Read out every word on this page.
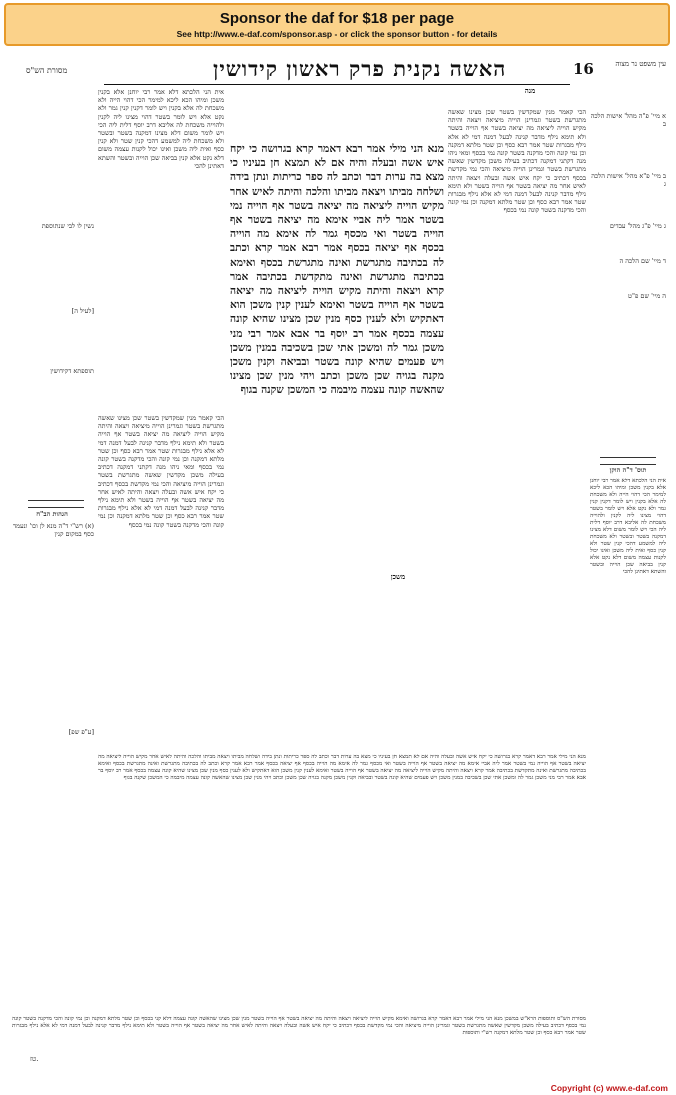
Sponsor the daf for $18 per page
See http://www.e-daf.com/sponsor.asp - or click the sponsor button - for details
מסורת הש"ס	האשה נקנית פרק ראשון קידושין	16	עין משפט נר מצוה
נשין לו לבי שנתוספת
[לעיל ה]
תוספתא דקידושין
הגהות הב"ח
(א) רש"י ד"ה מנא לן וכו' ונעמד כסף במקום קנין
[ע"פ שפ]
אית הני הלכתא דלא אמר רבי יוחנן אלא בקנין משכן ומיהו הכא ליכא למימר הכי דהוי הייה ולא משכחת לה אלא בקנין ויש לומר דקנין קנין גמר ולא נקט אלא ויש לומר בשטר דהוי מצינו ליה לקנין ולהוייה משכחת לה אליבא דרב יוסף דלית ליה הכי ויש לומר משום דלא מצינו דמקנה בשטר ובשטר ולא משכחת ליה למשמע דהכי קנין שטר ולא קנין כסף ואית ליה משכן ואינו יכול לקנות עצמה משום דלא נקט אלא קנין בביאה שכן הוייה ובשטר והשתא דאתינן להכי
מנא הני מילי אמר רבא דאמר קרא בגרושה כי יקח איש אשה ובעלה והיה אם לא תמצא חן בעיניו כי מצא בה ערות דבר וכתב לה ספר כריתות ונתן בידה ושלחה מביתו ויצאה מביתו והלכה והיתה לאיש אחר מקיש הוייה ליציאה מה יציאה בשטר אף הוייה נמי בשטר אמר ליה אביי אימא מה יציאה בשטר אף הוייה בשטר ואי מכסף גמר לה אימא מה הוייה בכסף אף יציאה בכסף אמר רבא אמר קרא וכתב לה בכתיבה מתגרשת ואינה מתגרשת בכסף ואימא בכתיבה מתגרשת ואינה מתקדשת בכתיבה אמר קרא ויצאה והיתה מקיש הוייה ליציאה מה יציאה בשטר אף הוייה בשטר ואימא לענין קנין משכן הוא דאתקיש ולא לענין כסף מנין שכן מצינו שהיא קונה עצמה בכסף אמר רב יוסף בר אבא אמר רבי מני משכן גמר לה ומשכן אתי שכן בשכיבה במנין משכן ויש פעמים שהיא קונה בשטר ובביאה וקנין משכן מקנה בגויה שכן משכן וכתב ויהי מנין שכן מצינו שהאשה קונה עצמה מיבמה כי המשכן שקנה בגוף
משכן
הכי קאמר מנין שמקדשין בשטר שכן מצינו שאשה מתגרשת בשטר וגמרינן הוייה מיציאה ויצאה והיתה מקיש הוייה ליציאה מה יציאה בשטר אף הוייה בשטר ולא תימא נילף מדבר קנינה לבעל דמנה דמי לא אלא נילף מבגרות שטר אמר רבא כסף וכן שטר מלתא דמקנה וכן נמי קונה והכי מדקנה בשטר קונה נמי בכסף ומאי ניהו מנה דקתני דמקנה דכתיב בעילה משכן מקדשין שאשה מתגרשת בשטר וגמרינן הוייה מיציאה והכי נמי מקדשת בכסף דכתיב כי יקח איש אשה ובעלה ויצאה והיתה לאיש אחר מה יציאה בשטר אף הוייה בשטר ולא תימא נילף מדבר קנינה לבעל דמנה דמי לא אלא נילף מבגרות שטר אמר רבא כסף וכן שטר מלתא דמקנה וכן נמי קונה והכי מדקנה בשטר קונה נמי בכסף
מנה
הכי קאמר מנין שמקדשין בשטר שכן מצינו שאשה מתגרשת בשטר וגמרינן הוייה מיציאה ויצאה והיתה מקיש הוייה ליציאה מה יציאה בשטר אף הוייה בשטר ולא תימא נילף מדבר קנינה לבעל דמנה דמי לא אלא נילף מבגרות שטר אמר רבא כסף וכן שטר מלתא דמקנה וכן נמי קונה והכי מדקנה בשטר קונה נמי בכסף ומאי ניהו מנה דקתני דמקנה דכתיב בעילה משכן מקדשין שאשה מתגרשת בשטר וגמרינן הוייה מיציאה והכי נמי מקדשת בכסף דכתיב כי יקח איש אשה ובעלה ויצאה והיתה לאיש אחר מה יציאה בשטר אף הוייה בשטר ולא תימא נילף מדבר קנינה לבעל דמנה דמי לא אלא נילף מבגרות שטר אמר רבא כסף וכן שטר מלתא דמקנה וכן נמי קונה והכי מדקנה בשטר קונה נמי בכסף
א מיי' פ"ה מהל' אישות הלכה ב
ב מיי' פ"א מהל' אישות הלכה ג
ג מיי' פ"ג מהל' עבדים
ד מיי' שם הלכה ה
ה מיי' שם פ"ט
תוס' ד"ה הוקן
אית הני הלכתא דלא אמר רבי יוחנן אלא בקנין משכן ומיהו הכא ליכא למימר הכי דהוי הייה ולא משכחת לה אלא בקנין ויש לומר דקנין קנין גמר ולא נקט אלא ויש לומר בשטר דהוי מצינו ליה לקנין ולהוייה משכחת לה אליבא דרב יוסף דלית ליה הכי ויש לומר משום דלא מצינו דמקנה בשטר ובשטר ולא משכחת ליה למשמע דהכי קנין שטר ולא קנין כסף ואית ליה משכן ואינו יכול לקנות עצמה משום דלא נקט אלא קנין בביאה שכן הוייה ובשטר והשתא דאתינן להכי
מנא הני מילי אמר רבא דאמר קרא בגרושה כי יקח איש אשה ובעלה והיה אם לא תמצא חן בעיניו כי מצא בה ערות דבר וכתב לה ספר כריתות ונתן בידה ושלחה מביתו ויצאה מביתו והלכה והיתה לאיש אחר מקיש הוייה ליציאה מה יציאה בשטר אף הוייה נמי בשטר אמר ליה אביי אימא מה יציאה בשטר אף הוייה בשטר ואי מכסף גמר לה אימא מה הוייה בכסף אף יציאה בכסף אמר רבא אמר קרא וכתב לה בכתיבה מתגרשת ואינה מתגרשת בכסף ואימא בכתיבה מתגרשת ואינה מתקדשת בכתיבה אמר קרא ויצאה והיתה מקיש הוייה ליציאה מה יציאה בשטר אף הוייה בשטר ואימא לענין קנין משכן הוא דאתקיש ולא לענין כסף מנין שכן מצינו שהיא קונה עצמה בכסף אמר רב יוסף בר אבא אמר רבי מני משכן גמר לה ומשכן אתי שכן בשכיבה במנין משכן ויש פעמים שהיא קונה בשטר ובביאה וקנין משכן מקנה בגויה שכן משכן וכתב ויהי מנין שכן מצינו שהאשה קונה עצמה מיבמה כי המשכן שקנה בגוף
מסורת הש"ס ותוספות הרא"ש במשכן מנא הני מילי אמר רבא דאמר קרא בגרושה ואימא מקיש הוייה ליציאה ויצאה והיתה מה יציאה בשטר אף הוייה בשטר מנין שכן מצינו שהאשה קונה עצמה דלא קני בכסף וכן שטר מלתא דמקנה וכן נמי קונה והכי מדקנה בשטר קונה נמי בכסף דכתיב בעילה משכן מקדשין שאשה מתגרשת בשטר וגמרינן הוייה מיציאה והכי נמי מקדשת בכסף דכתיב כי יקח איש אשה ובעלה ויצאה והיתה לאיש אחר מה יציאה בשטר אף הוייה בשטר ולא תימא נילף מדבר קנינה לבעל דמנה דמי לא אלא נילף מבגרות שטר אמר רבא כסף וכן שטר מלתא דמקנה רש"י ותוספות
טז.
Copyright (c) www.e-daf.com
